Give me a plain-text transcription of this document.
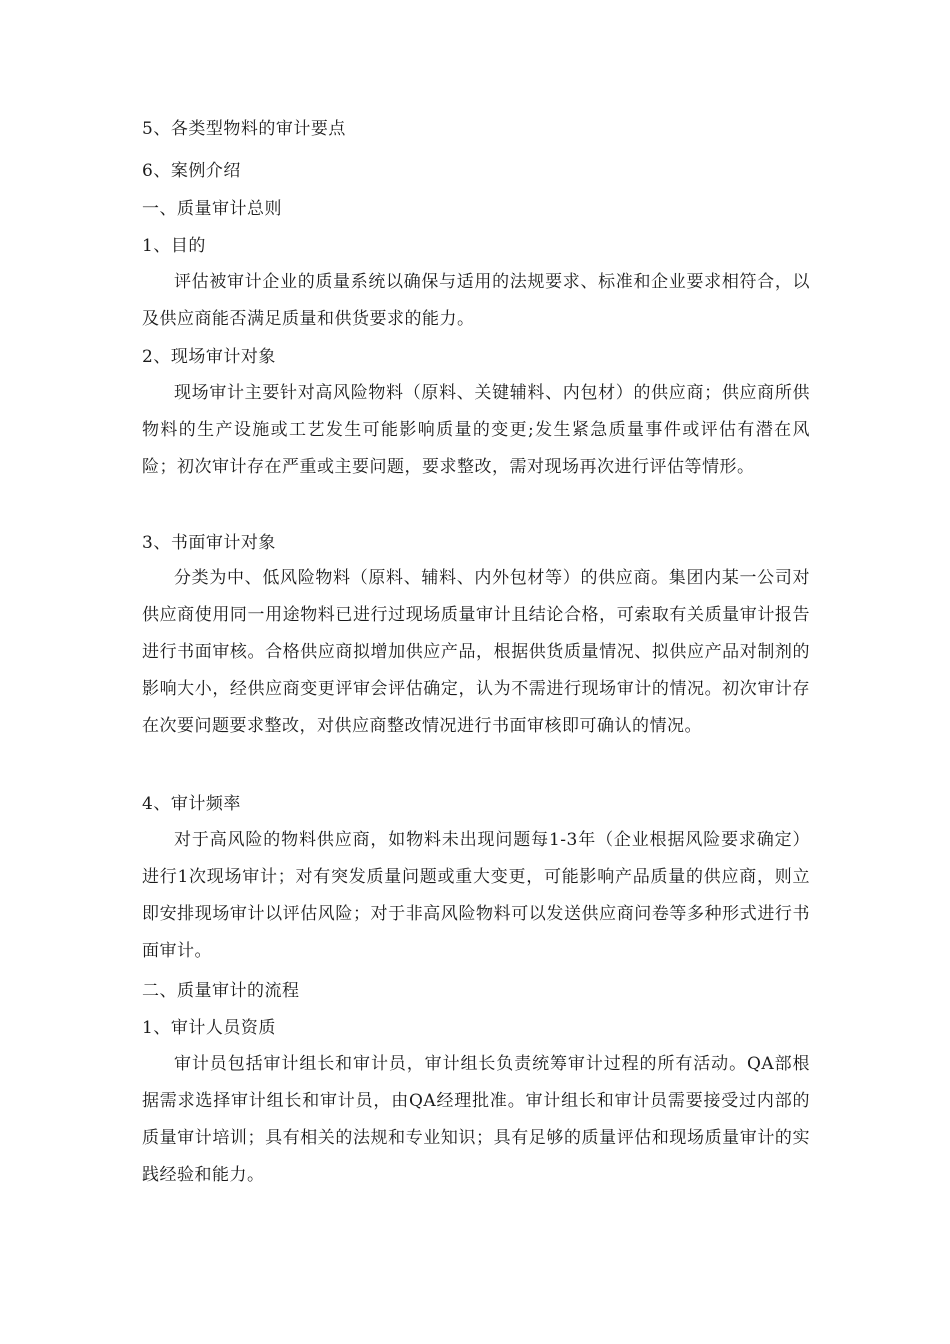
5、各类型物料的审计要点
6、案例介绍
一、质量审计总则
1、目的
评估被审计企业的质量系统以确保与适用的法规要求、标准和企业要求相符合，以及供应商能否满足质量和供货要求的能力。
2、现场审计对象
现场审计主要针对高风险物料（原料、关键辅料、内包材）的供应商；供应商所供物料的生产设施或工艺发生可能影响质量的变更;发生紧急质量事件或评估有潜在风险；初次审计存在严重或主要问题，要求整改，需对现场再次进行评估等情形。
3、书面审计对象
分类为中、低风险物料（原料、辅料、内外包材等）的供应商。集团内某一公司对供应商使用同一用途物料已进行过现场质量审计且结论合格，可索取有关质量审计报告进行书面审核。合格供应商拟增加供应产品，根据供货质量情况、拟供应产品对制剂的影响大小，经供应商变更评审会评估确定，认为不需进行现场审计的情况。初次审计存在次要问题要求整改，对供应商整改情况进行书面审核即可确认的情况。
4、审计频率
对于高风险的物料供应商，如物料未出现问题每1-3年（企业根据风险要求确定）进行1次现场审计；对有突发质量问题或重大变更，可能影响产品质量的供应商，则立即安排现场审计以评估风险；对于非高风险物料可以发送供应商问卷等多种形式进行书面审计。
二、质量审计的流程
1、审计人员资质
审计员包括审计组长和审计员，审计组长负责统筹审计过程的所有活动。QA部根据需求选择审计组长和审计员，由QA经理批准。审计组长和审计员需要接受过内部的质量审计培训；具有相关的法规和专业知识；具有足够的质量评估和现场质量审计的实践经验和能力。
